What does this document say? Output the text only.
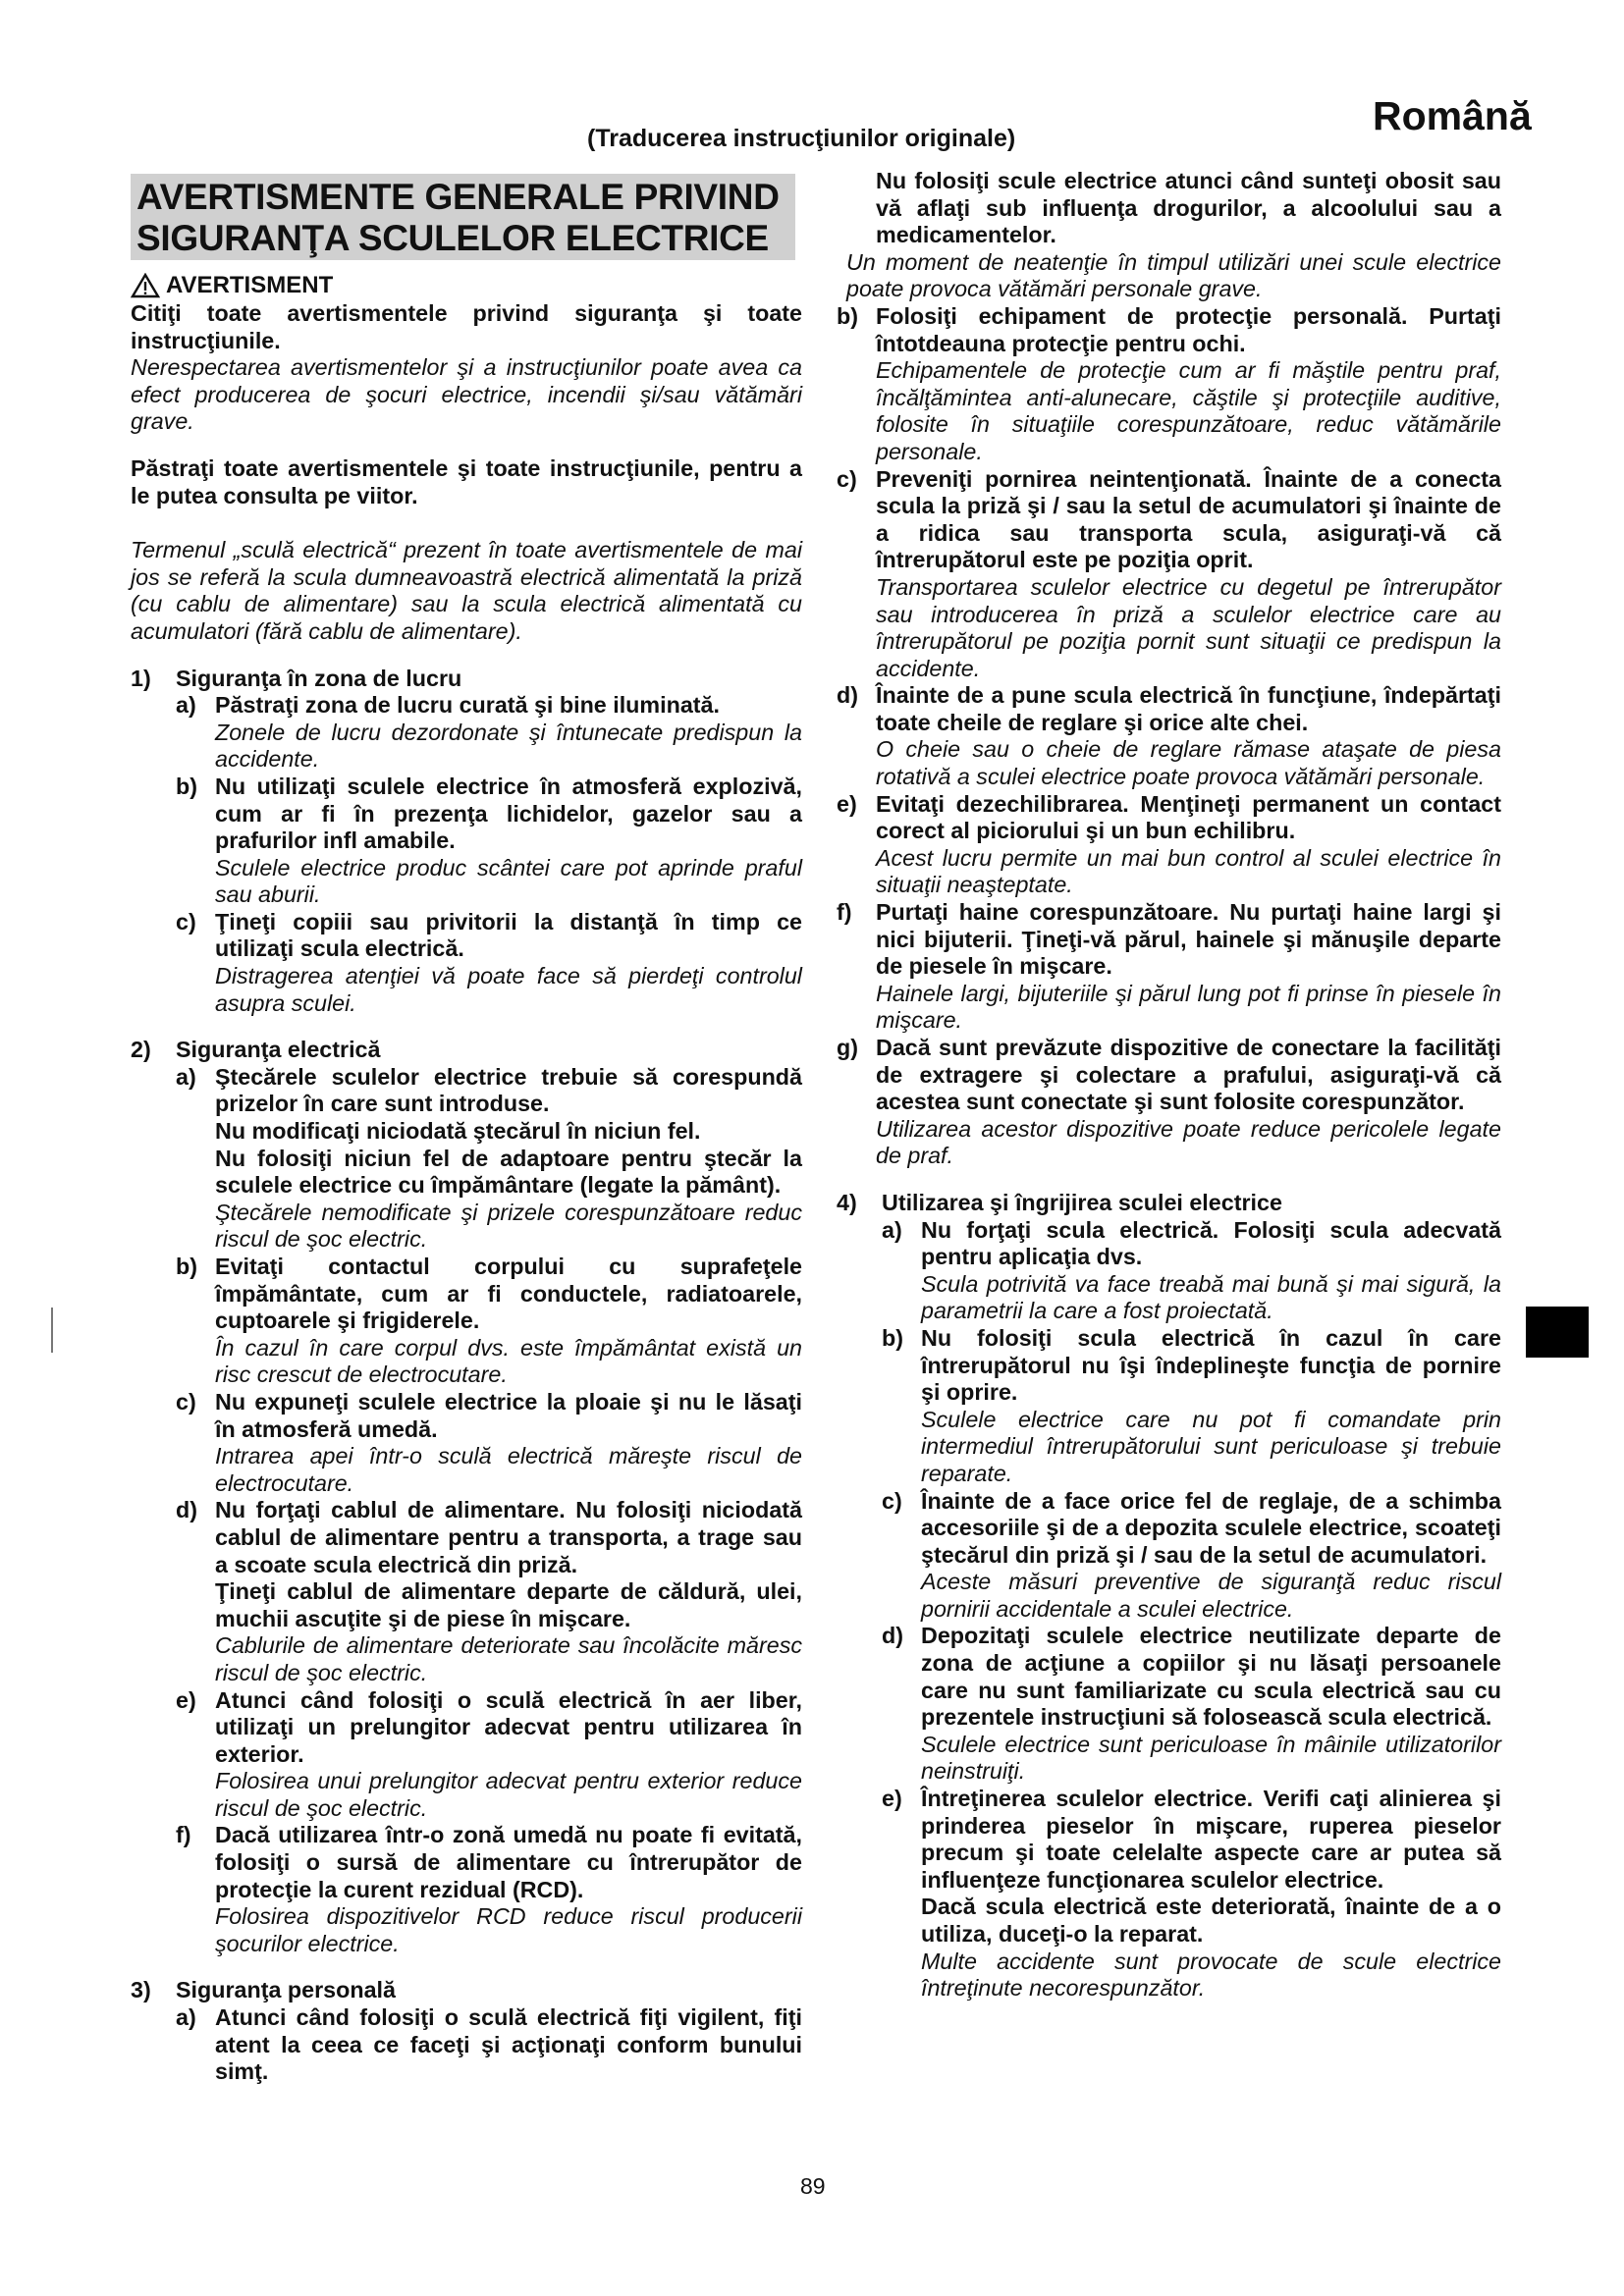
Română
(Traducerea instrucţiunilor originale)
AVERTISMENTE GENERALE PRIVIND
SIGURANŢA SCULELOR ELECTRICE
AVERTISMENT
Citiţi toate avertismentele privind siguranţa şi toate instrucţiunile.
Nerespectarea avertismentelor şi a instrucţiunilor poate avea ca efect producerea de şocuri electrice, incendii şi/sau vătămări grave.
Păstraţi toate avertismentele şi toate instrucţiunile, pentru a le putea consulta pe viitor.
Termenul „sculă electrică“ prezent în toate avertismentele de mai jos se referă la scula dumneavoastră electrică alimentată la priză (cu cablu de alimentare) sau la scula electrică alimentată cu acumulatori (fără cablu de alimentare).
1) Siguranţa în zona de lucru
a) Păstraţi zona de lucru curată şi bine iluminată.
Zonele de lucru dezordonate şi întunecate predispun la accidente.
b) Nu utilizaţi sculele electrice în atmosferă explozivă, cum ar fi în prezenţa lichidelor, gazelor sau a prafurilor infl amabile.
Sculele electrice produc scântei care pot aprinde praful sau aburii.
c) Ţineţi copiii sau privitorii la distanţă în timp ce utilizaţi scula electrică.
Distragerea atenţiei vă poate face să pierdeţi controlul asupra sculei.
2) Siguranţa electrică
a) Ştecărele sculelor electrice trebuie să corespundă prizelor în care sunt introduse.
Nu modificaţi niciodată ştecărul în niciun fel.
Nu folosiţi niciun fel de adaptoare pentru ştecăr la sculele electrice cu împământare (legate la pământ).
Ştecărele nemodificate şi prizele corespunzătoare reduc riscul de şoc electric.
b) Evitaţi contactul corpului cu suprafeţele împământate, cum ar fi conductele, radiatoarele, cuptoarele şi frigiderele.
În cazul în care corpul dvs. este împământat există un risc crescut de electrocutare.
c) Nu expuneţi sculele electrice la ploaie şi nu le lăsaţi în atmosferă umedă.
Intrarea apei într-o sculă electrică măreşte riscul de electrocutare.
d) Nu forţaţi cablul de alimentare. Nu folosiţi niciodată cablul de alimentare pentru a transporta, a trage sau a scoate scula electrică din priză.
Ţineţi cablul de alimentare departe de căldură, ulei, muchii ascuţite şi de piese în mişcare.
Cablurile de alimentare deteriorate sau încolăcite măresc riscul de şoc electric.
e) Atunci când folosiţi o sculă electrică în aer liber, utilizaţi un prelungitor adecvat pentru utilizarea în exterior.
Folosirea unui prelungitor adecvat pentru exterior reduce riscul de şoc electric.
f) Dacă utilizarea într-o zonă umedă nu poate fi evitată, folosiţi o sursă de alimentare cu întrerupător de protecţie la curent rezidual (RCD).
Folosirea dispozitivelor RCD reduce riscul producerii şocurilor electrice.
3) Siguranţa personală
a) Atunci când folosiţi o sculă electrică fiţi vigilent, fiţi atent la ceea ce faceţi şi acţionaţi conform bunului simţ.
Nu folosiţi scule electrice atunci când sunteţi obosit sau vă aflaţi sub influenţa drogurilor, a alcoolului sau a medicamentelor.
Un moment de neatenţie în timpul utilizări unei scule electrice poate provoca vătămări personale grave.
b) Folosiţi echipament de protecţie personală. Purtaţi întotdeauna protecţie pentru ochi.
Echipamentele de protecţie cum ar fi măştile pentru praf, încălţămintea anti-alunecare, căştile şi protecţiile auditive, folosite în situaţiile corespunzătoare, reduc vătămările personale.
c) Preveniţi pornirea neintenţionată. Înainte de a conecta scula la priză şi / sau la setul de acumulatori şi înainte de a ridica sau transporta scula, asiguraţi-vă că întrerupătorul este pe poziţia oprit.
Transportarea sculelor electrice cu degetul pe întrerupător sau introducerea în priză a sculelor electrice care au întrerupătorul pe poziţia pornit sunt situaţii ce predispun la accidente.
d) Înainte de a pune scula electrică în funcţiune, îndepărtaţi toate cheile de reglare şi orice alte chei.
O cheie sau o cheie de reglare rămase ataşate de piesa rotativă a sculei electrice poate provoca vătămări personale.
e) Evitaţi dezechilibrarea. Menţineţi permanent un contact corect al piciorului şi un bun echilibru.
Acest lucru permite un mai bun control al sculei electrice în situaţii neaşteptate.
f) Purtaţi haine corespunzătoare. Nu purtaţi haine largi şi nici bijuterii. Ţineţi-vă părul, hainele şi mănuşile departe de piesele în mişcare.
Hainele largi, bijuteriile şi părul lung pot fi prinse în piesele în mişcare.
g) Dacă sunt prevăzute dispozitive de conectare la facilităţi de extragere şi colectare a prafului, asiguraţi-vă că acestea sunt conectate şi sunt folosite corespunzător.
Utilizarea acestor dispozitive poate reduce pericolele legate de praf.
4) Utilizarea şi îngrijirea sculei electrice
a) Nu forţaţi scula electrică. Folosiţi scula adecvată pentru aplicaţia dvs.
Scula potrivită va face treabă mai bună şi mai sigură, la parametrii la care a fost proiectată.
b) Nu folosiţi scula electrică în cazul în care întrerupătorul nu îşi îndeplineşte funcţia de pornire şi oprire.
Sculele electrice care nu pot fi comandate prin intermediul întrerupătorului sunt periculoase şi trebuie reparate.
c) Înainte de a face orice fel de reglaje, de a schimba accesoriile şi de a depozita sculele electrice, scoateţi ştecărul din priză şi / sau de la setul de acumulatori.
Aceste măsuri preventive de siguranţă reduc riscul pornirii accidentale a sculei electrice.
d) Depozitaţi sculele electrice neutilizate departe de zona de acţiune a copiilor şi nu lăsaţi persoanele care nu sunt familiarizate cu scula electrică sau cu prezentele instrucţiuni să folosească scula electrică.
Sculele electrice sunt periculoase în mâinile utilizatorilor neinstruiţi.
e) Întreţinerea sculelor electrice. Verifi caţi alinierea şi prinderea pieselor în mişcare, ruperea pieselor precum şi toate celelalte aspecte care ar putea să influenţeze funcţionarea sculelor electrice.
Dacă scula electrică este deteriorată, înainte de a o utiliza, duceţi-o la reparat.
Multe accidente sunt provocate de scule electrice întreţinute necorespunzător.
89
